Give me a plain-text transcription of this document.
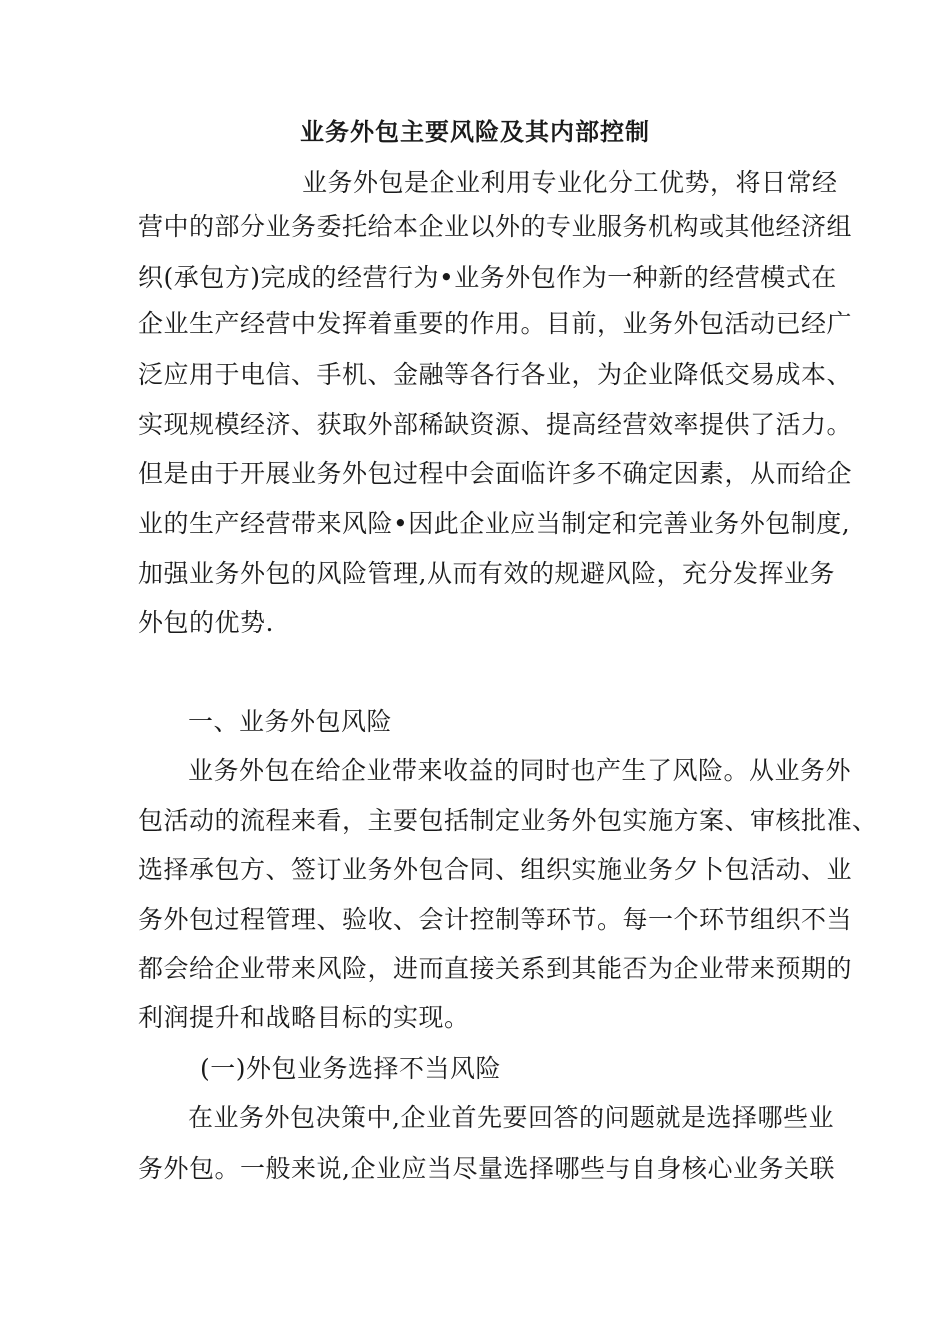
业务外包主要风险及其内部控制
业务外包是企业利用专业化分工优势，将日常经
营中的部分业务委托给本企业以外的专业服务机构或其他经济组
织(承包方)完成的经营行为•业务外包作为一种新的经营模式在
企业生产经营中发挥着重要的作用。目前，业务外包活动已经广
泛应用于电信、手机、金融等各行各业，为企业降低交易成本、
实现规模经济、获取外部稀缺资源、提高经营效率提供了活力。
但是由于开展业务外包过程中会面临许多不确定因素，从而给企
业的生产经营带来风险•因此企业应当制定和完善业务外包制度,
加强业务外包的风险管理,从而有效的规避风险，充分发挥业务
外包的优势.
一、业务外包风险
业务外包在给企业带来收益的同时也产生了风险。从业务外
包活动的流程来看，主要包括制定业务外包实施方案、审核批准、
选择承包方、签订业务外包合同、组织实施业务夕卜包活动、业
务外包过程管理、验收、会计控制等环节。每一个环节组织不当
都会给企业带来风险，进而直接关系到其能否为企业带来预期的
利润提升和战略目标的实现。
(一)外包业务选择不当风险
在业务外包决策中,企业首先要回答的问题就是选择哪些业
务外包。一般来说,企业应当尽量选择哪些与自身核心业务关联
